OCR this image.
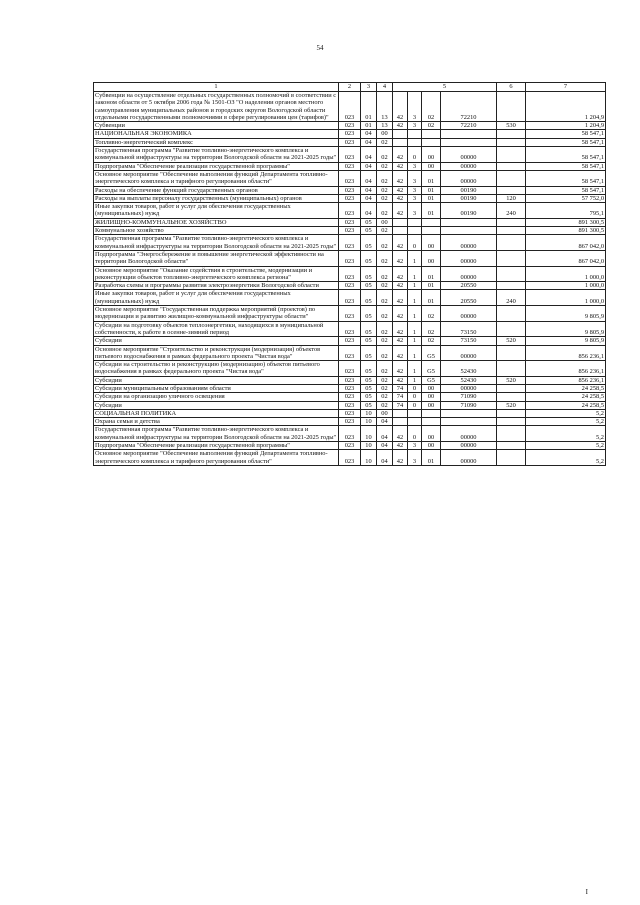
54
1	2	3	4	5				6	7
Субвенции на осуществление отдельных государственных полномочий в соответствии с законом области от 5 октября 2006 года № 1501-ОЗ "О наделении органов местного самоуправления муниципальных районов и городских округов Вологодской области отдельными государственными полномочиями в сфере регулирования цен (тарифов)"	023	01	13	42	3	02	72210		1 204,9
Субвенции	023	01	13	42	3	02	72210	530	1 204,9
НАЦИОНАЛЬНАЯ ЭКОНОМИКА	023	04	00						58 547,1
Топливно-энергетический комплекс	023	04	02						58 547,1
Государственная программа "Развитие топливно-энергетического комплекса и коммунальной инфраструктуры на территории Вологодской области на 2021-2025 годы"	023	04	02	42	0	00	00000		58 547,1
Подпрограмма "Обеспечение реализации государственной программы"	023	04	02	42	3	00	00000		58 547,1
Основное мероприятие "Обеспечение выполнения функций Департамента топливно-энергетического комплекса и тарифного регулирования области"	023	04	02	42	3	01	00000		58 547,1
Расходы на обеспечение функций государственных органов	023	04	02	42	3	01	00190		58 547,1
Расходы на выплаты персоналу государственных (муниципальных) органов	023	04	02	42	3	01	00190	120	57 752,0
Иные закупки товаров, работ и услуг для обеспечения государственных (муниципальных) нужд	023	04	02	42	3	01	00190	240	795,1
ЖИЛИЩНО-КОММУНАЛЬНОЕ ХОЗЯЙСТВО	023	05	00						891 300,5
Коммунальное хозяйство	023	05	02						891 300,5
Государственная программа "Развитие топливно-энергетического комплекса и коммунальной инфраструктуры на территории Вологодской области на 2021-2025 годы"	023	05	02	42	0	00	00000		867 042,0
Подпрограмма "Энергосбережение и повышение энергетической эффективности на территории Вологодской области"	023	05	02	42	1	00	00000		867 042,0
Основное мероприятие "Оказание содействия в строительстве, модернизации и реконструкции объектов топливно-энергетического комплекса региона"	023	05	02	42	1	01	00000		1 000,0
Разработка схемы и программы развития электроэнергетики Вологодской области	023	05	02	42	1	01	20550		1 000,0
Иные закупки товаров, работ и услуг для обеспечения государственных (муниципальных) нужд	023	05	02	42	1	01	20550	240	1 000,0
Основное мероприятие "Государственная поддержка мероприятий (проектов) по модернизации и развитию жилищно-коммунальной инфраструктуры области"	023	05	02	42	1	02	00000		9 805,9
Субсидии на подготовку объектов теплоэнергетики, находящихся в муниципальной собственности, к работе в осенне-зимний период	023	05	02	42	1	02	73150		9 805,9
Субсидии	023	05	02	42	1	02	73150	520	9 805,9
Основное мероприятие "Строительство и реконструкция (модернизация) объектов питьевого водоснабжения в рамках федерального проекта "Чистая вода"	023	05	02	42	1	G5	00000		856 236,1
Субсидии на строительство и реконструкцию (модернизацию) объектов питьевого водоснабжения в рамках федерального проекта "Чистая вода"	023	05	02	42	1	G5	52430		856 236,1
Субсидии	023	05	02	42	1	G5	52430	520	856 236,1
Субсидии муниципальным образованиям области	023	05	02	74	0	00	00000		24 258,5
Субсидии на организацию уличного освещения	023	05	02	74	0	00	71090		24 258,5
Субсидии	023	05	02	74	0	00	71090	520	24 258,5
СОЦИАЛЬНАЯ ПОЛИТИКА	023	10	00						5,2
Охрана семьи и детства	023	10	04						5,2
Государственная программа "Развитие топливно-энергетического комплекса и коммунальной инфраструктуры на территории Вологодской области на 2021-2025 годы"	023	10	04	42	0	00	00000		5,2
Подпрограмма "Обеспечение реализации государственной программы"	023	10	04	42	3	00	00000		5,2
Основное мероприятие "Обеспечение выполнения функций Департамента топливно-энергетического комплекса и тарифного регулирования области"	023	10	04	42	3	01	00000		5,2
I
